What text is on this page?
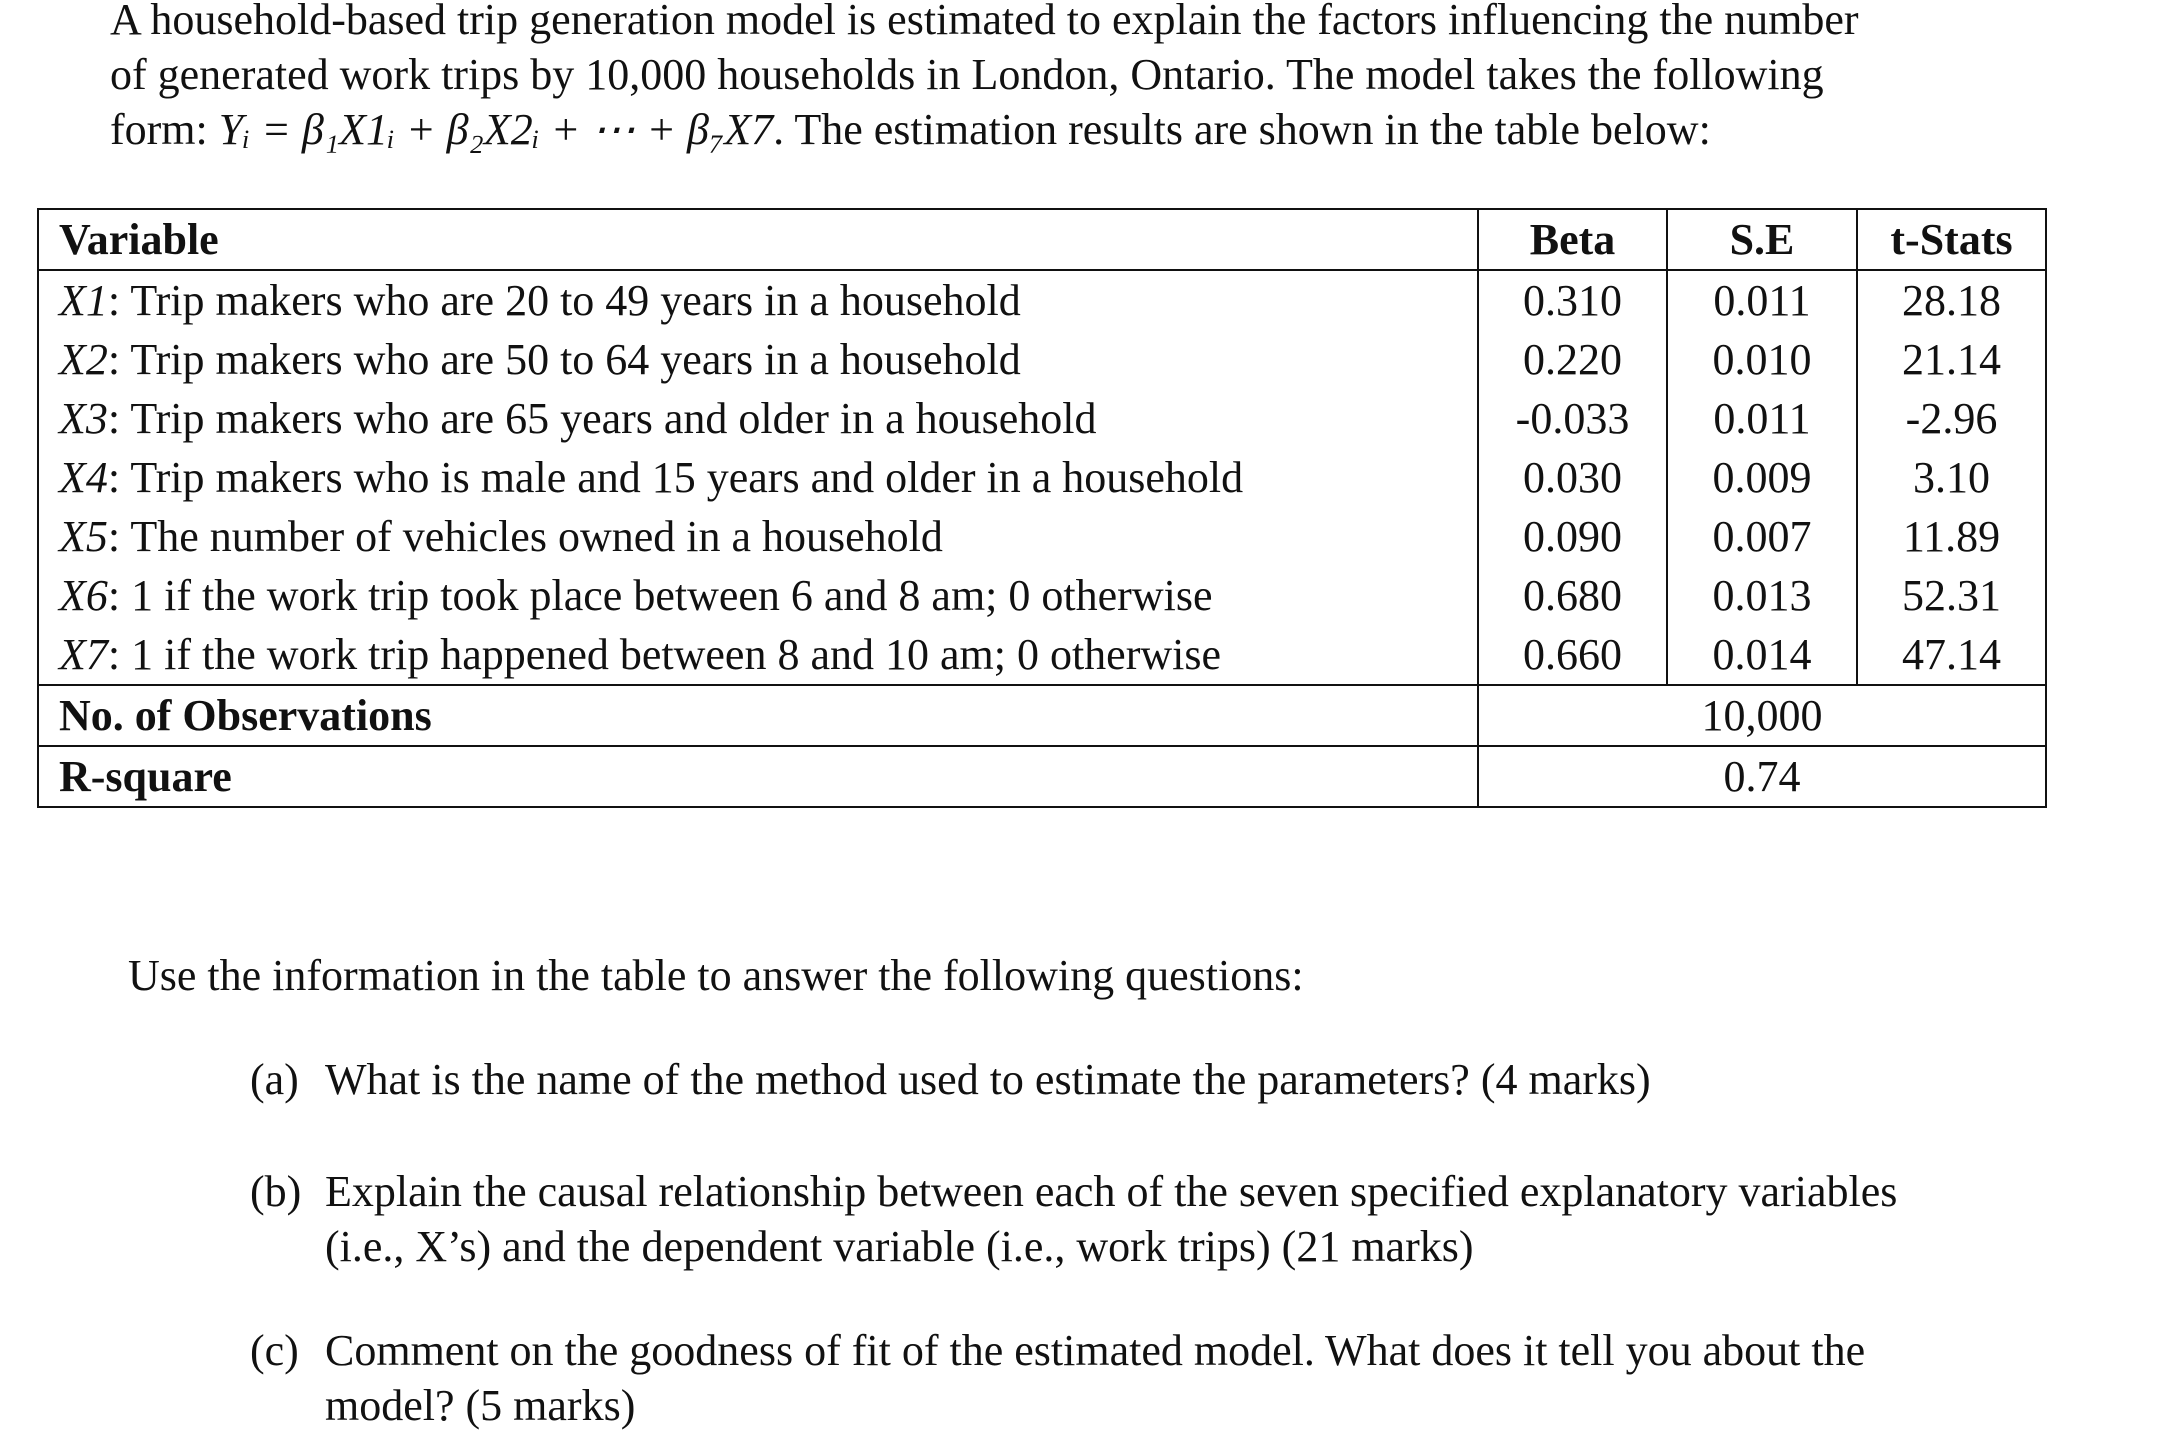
A household-based trip generation model is estimated to explain the factors influencing the number
of generated work trips by 10,000 households in London, Ontario. The model takes the following
form: Yᵢ = β₁X1ᵢ + β₂X2ᵢ + ⋯ + β₇X7. The estimation results are shown in the table below:
Variable	Beta	S.E	t-Stats
X1: Trip makers who are 20 to 49 years in a household	0.310	0.011	28.18
X2: Trip makers who are 50 to 64 years in a household	0.220	0.010	21.14
X3: Trip makers who are 65 years and older in a household	-0.033	0.011	-2.96
X4: Trip makers who is male and 15 years and older in a household	0.030	0.009	3.10
X5: The number of vehicles owned in a household	0.090	0.007	11.89
X6: 1 if the work trip took place between 6 and 8 am; 0 otherwise	0.680	0.013	52.31
X7: 1 if the work trip happened between 8 and 10 am; 0 otherwise	0.660	0.014	47.14
No. of Observations	10,000		
R-square	0.74		
Use the information in the table to answer the following questions:
(a) What is the name of the method used to estimate the parameters? (4 marks)
(b) Explain the causal relationship between each of the seven specified explanatory variables
(i.e., X’s) and the dependent variable (i.e., work trips) (21 marks)
(c) Comment on the goodness of fit of the estimated model. What does it tell you about the
model? (5 marks)
